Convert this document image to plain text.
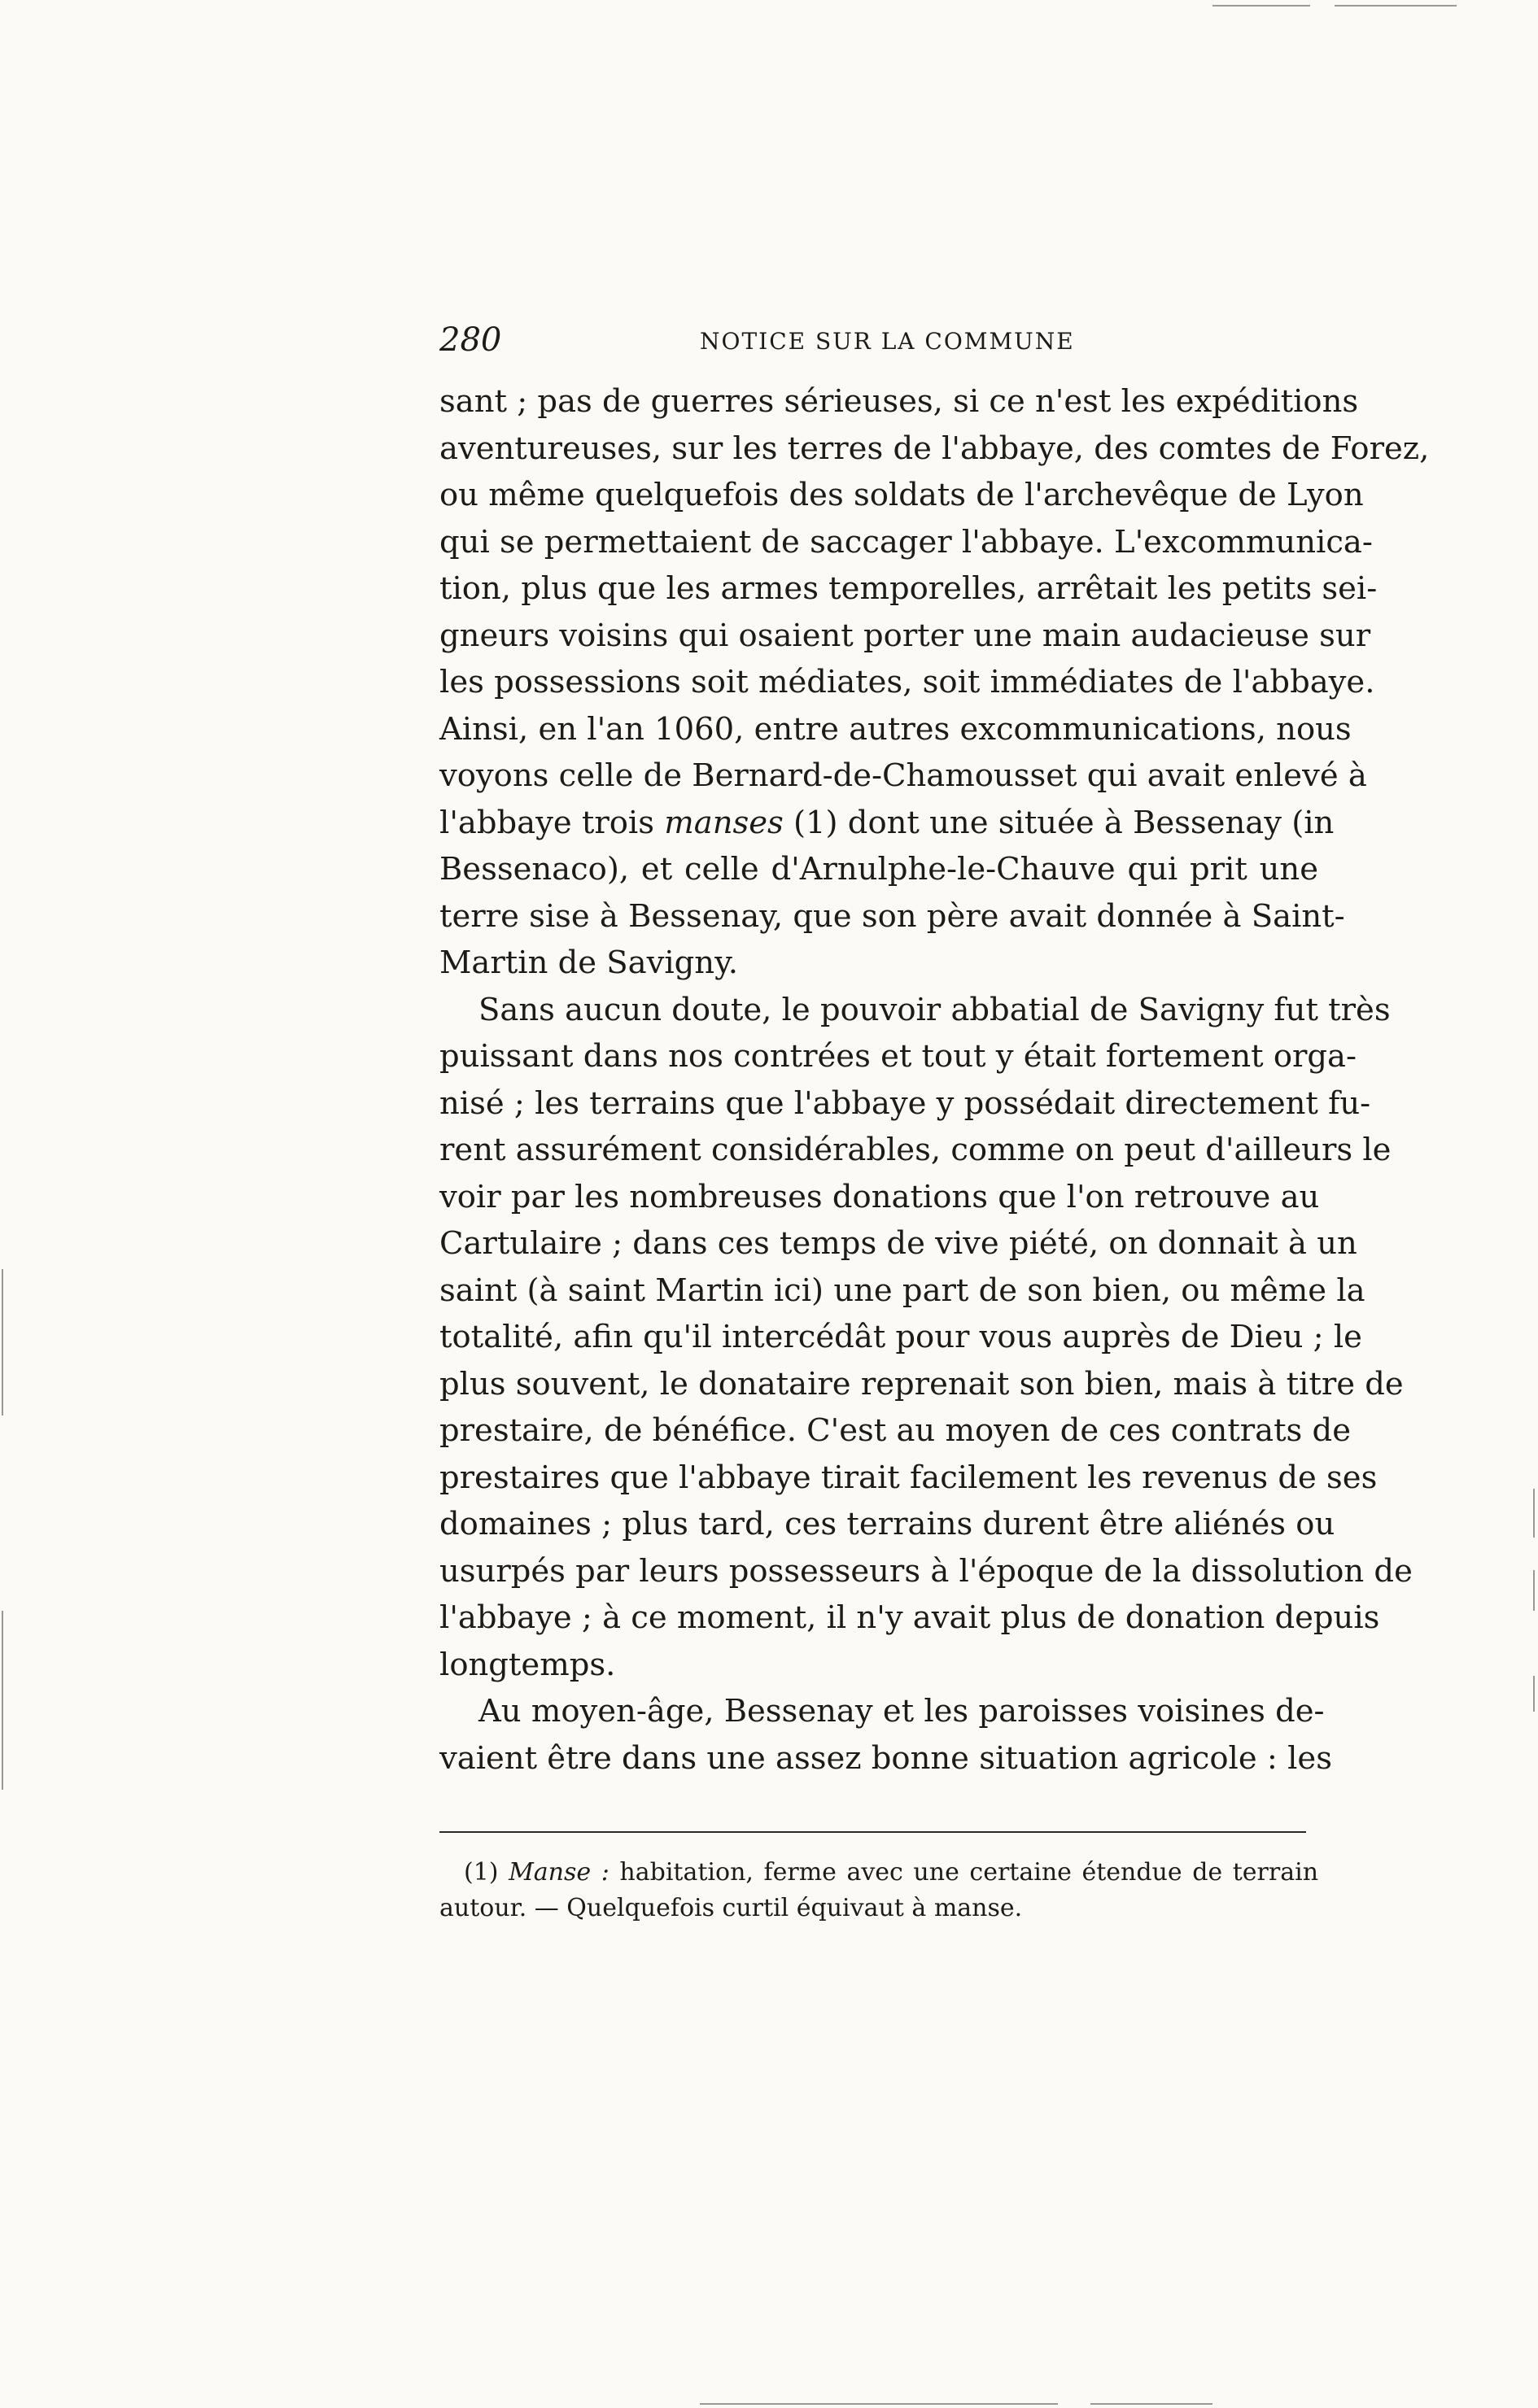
280	NOTICE SUR LA COMMUNE
sant ; pas de guerres sérieuses, si ce n'est les expéditions
aventureuses, sur les terres de l'abbaye, des comtes de Forez,
ou même quelquefois des soldats de l'archevêque de Lyon
qui se permettaient de saccager l'abbaye. L'excommunica-
tion, plus que les armes temporelles, arrêtait les petits sei-
gneurs voisins qui osaient porter une main audacieuse sur
les possessions soit médiates, soit immédiates de l'abbaye.
Ainsi, en l'an 1060, entre autres excommunications, nous
voyons celle de Bernard-de-Chamousset qui avait enlevé à
l'abbaye trois manses (1) dont une située à Bessenay (in
Bessenaco), et celle d'Arnulphe-le-Chauve qui prit une
terre sise à Bessenay, que son père avait donnée à Saint-
Martin de Savigny.
Sans aucun doute, le pouvoir abbatial de Savigny fut très
puissant dans nos contrées et tout y était fortement orga-
nisé ; les terrains que l'abbaye y possédait directement fu-
rent assurément considérables, comme on peut d'ailleurs le
voir par les nombreuses donations que l'on retrouve au
Cartulaire ; dans ces temps de vive piété, on donnait à un
saint (à saint Martin ici) une part de son bien, ou même la
totalité, afin qu'il intercédât pour vous auprès de Dieu ; le
plus souvent, le donataire reprenait son bien, mais à titre de
prestaire, de bénéfice. C'est au moyen de ces contrats de
prestaires que l'abbaye tirait facilement les revenus de ses
domaines ; plus tard, ces terrains durent être aliénés ou
usurpés par leurs possesseurs à l'époque de la dissolution de
l'abbaye ; à ce moment, il n'y avait plus de donation depuis
longtemps.
Au moyen-âge, Bessenay et les paroisses voisines de-
vaient être dans une assez bonne situation agricole : les
(1) Manse : habitation, ferme avec une certaine étendue de terrain
autour. — Quelquefois curtil équivaut à manse.
